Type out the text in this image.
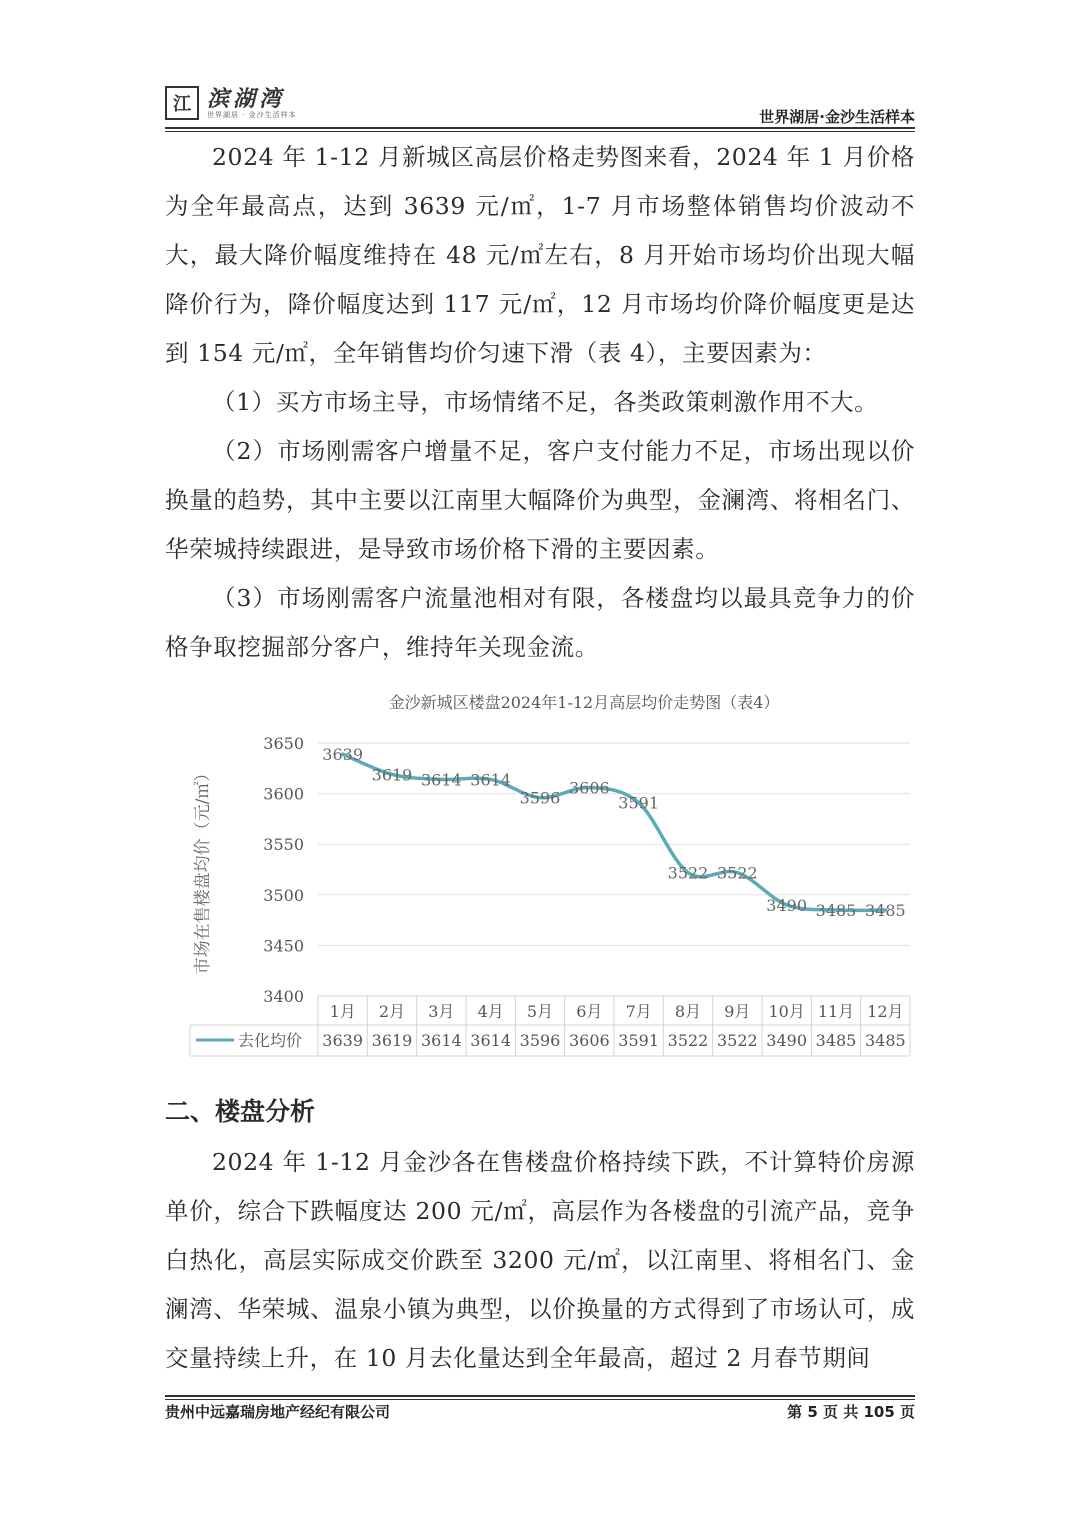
江 滨湖湾
世界湖居 · 金沙生活样本	世界湖居·金沙生活样本

2024 年 1-12 月新城区高层价格走势图来看，2024 年 1 月价格为全年最高点，达到 3639 元/㎡，1-7 月市场整体销售均价波动不大，最大降价幅度维持在 48 元/㎡左右，8 月开始市场均价出现大幅降价行为，降价幅度达到 117 元/㎡，12 月市场均价降价幅度更是达到 154 元/㎡，全年销售均价匀速下滑（表 4），主要因素为：

（1）买方市场主导，市场情绪不足，各类政策刺激作用不大。

（2）市场刚需客户增量不足，客户支付能力不足，市场出现以价换量的趋势，其中主要以江南里大幅降价为典型，金澜湾、将相名门、华荣城持续跟进，是导致市场价格下滑的主要因素。

（3）市场刚需客户流量池相对有限，各楼盘均以最具竞争力的价格争取挖掘部分客户，维持年关现金流。

金沙新城区楼盘2024年1-12月高层均价走势图（表4）
市场在售楼盘均价（元/㎡）
3650
3600
3550
3500
3450
3400
1月 2月 3月 4月 5月 6月 7月 8月 9月 10月 11月 12月
去化均价 3639 3619 3614 3614 3596 3606 3591 3522 3522 3490 3485 3485
3639
3619 3614 3614
3596
3606
3591
3522 3522
3490 3485 3485
二、楼盘分析

2024 年 1-12 月金沙各在售楼盘价格持续下跌，不计算特价房源单价，综合下跌幅度达 200 元/㎡，高层作为各楼盘的引流产品，竞争白热化，高层实际成交价跌至 3200 元/㎡，以江南里、将相名门、金澜湾、华荣城、温泉小镇为典型，以价换量的方式得到了市场认可，成交量持续上升，在 10 月去化量达到全年最高，超过 2 月春节期间

贵州中远嘉瑞房地产经纪有限公司	第 5 页 共 105 页
